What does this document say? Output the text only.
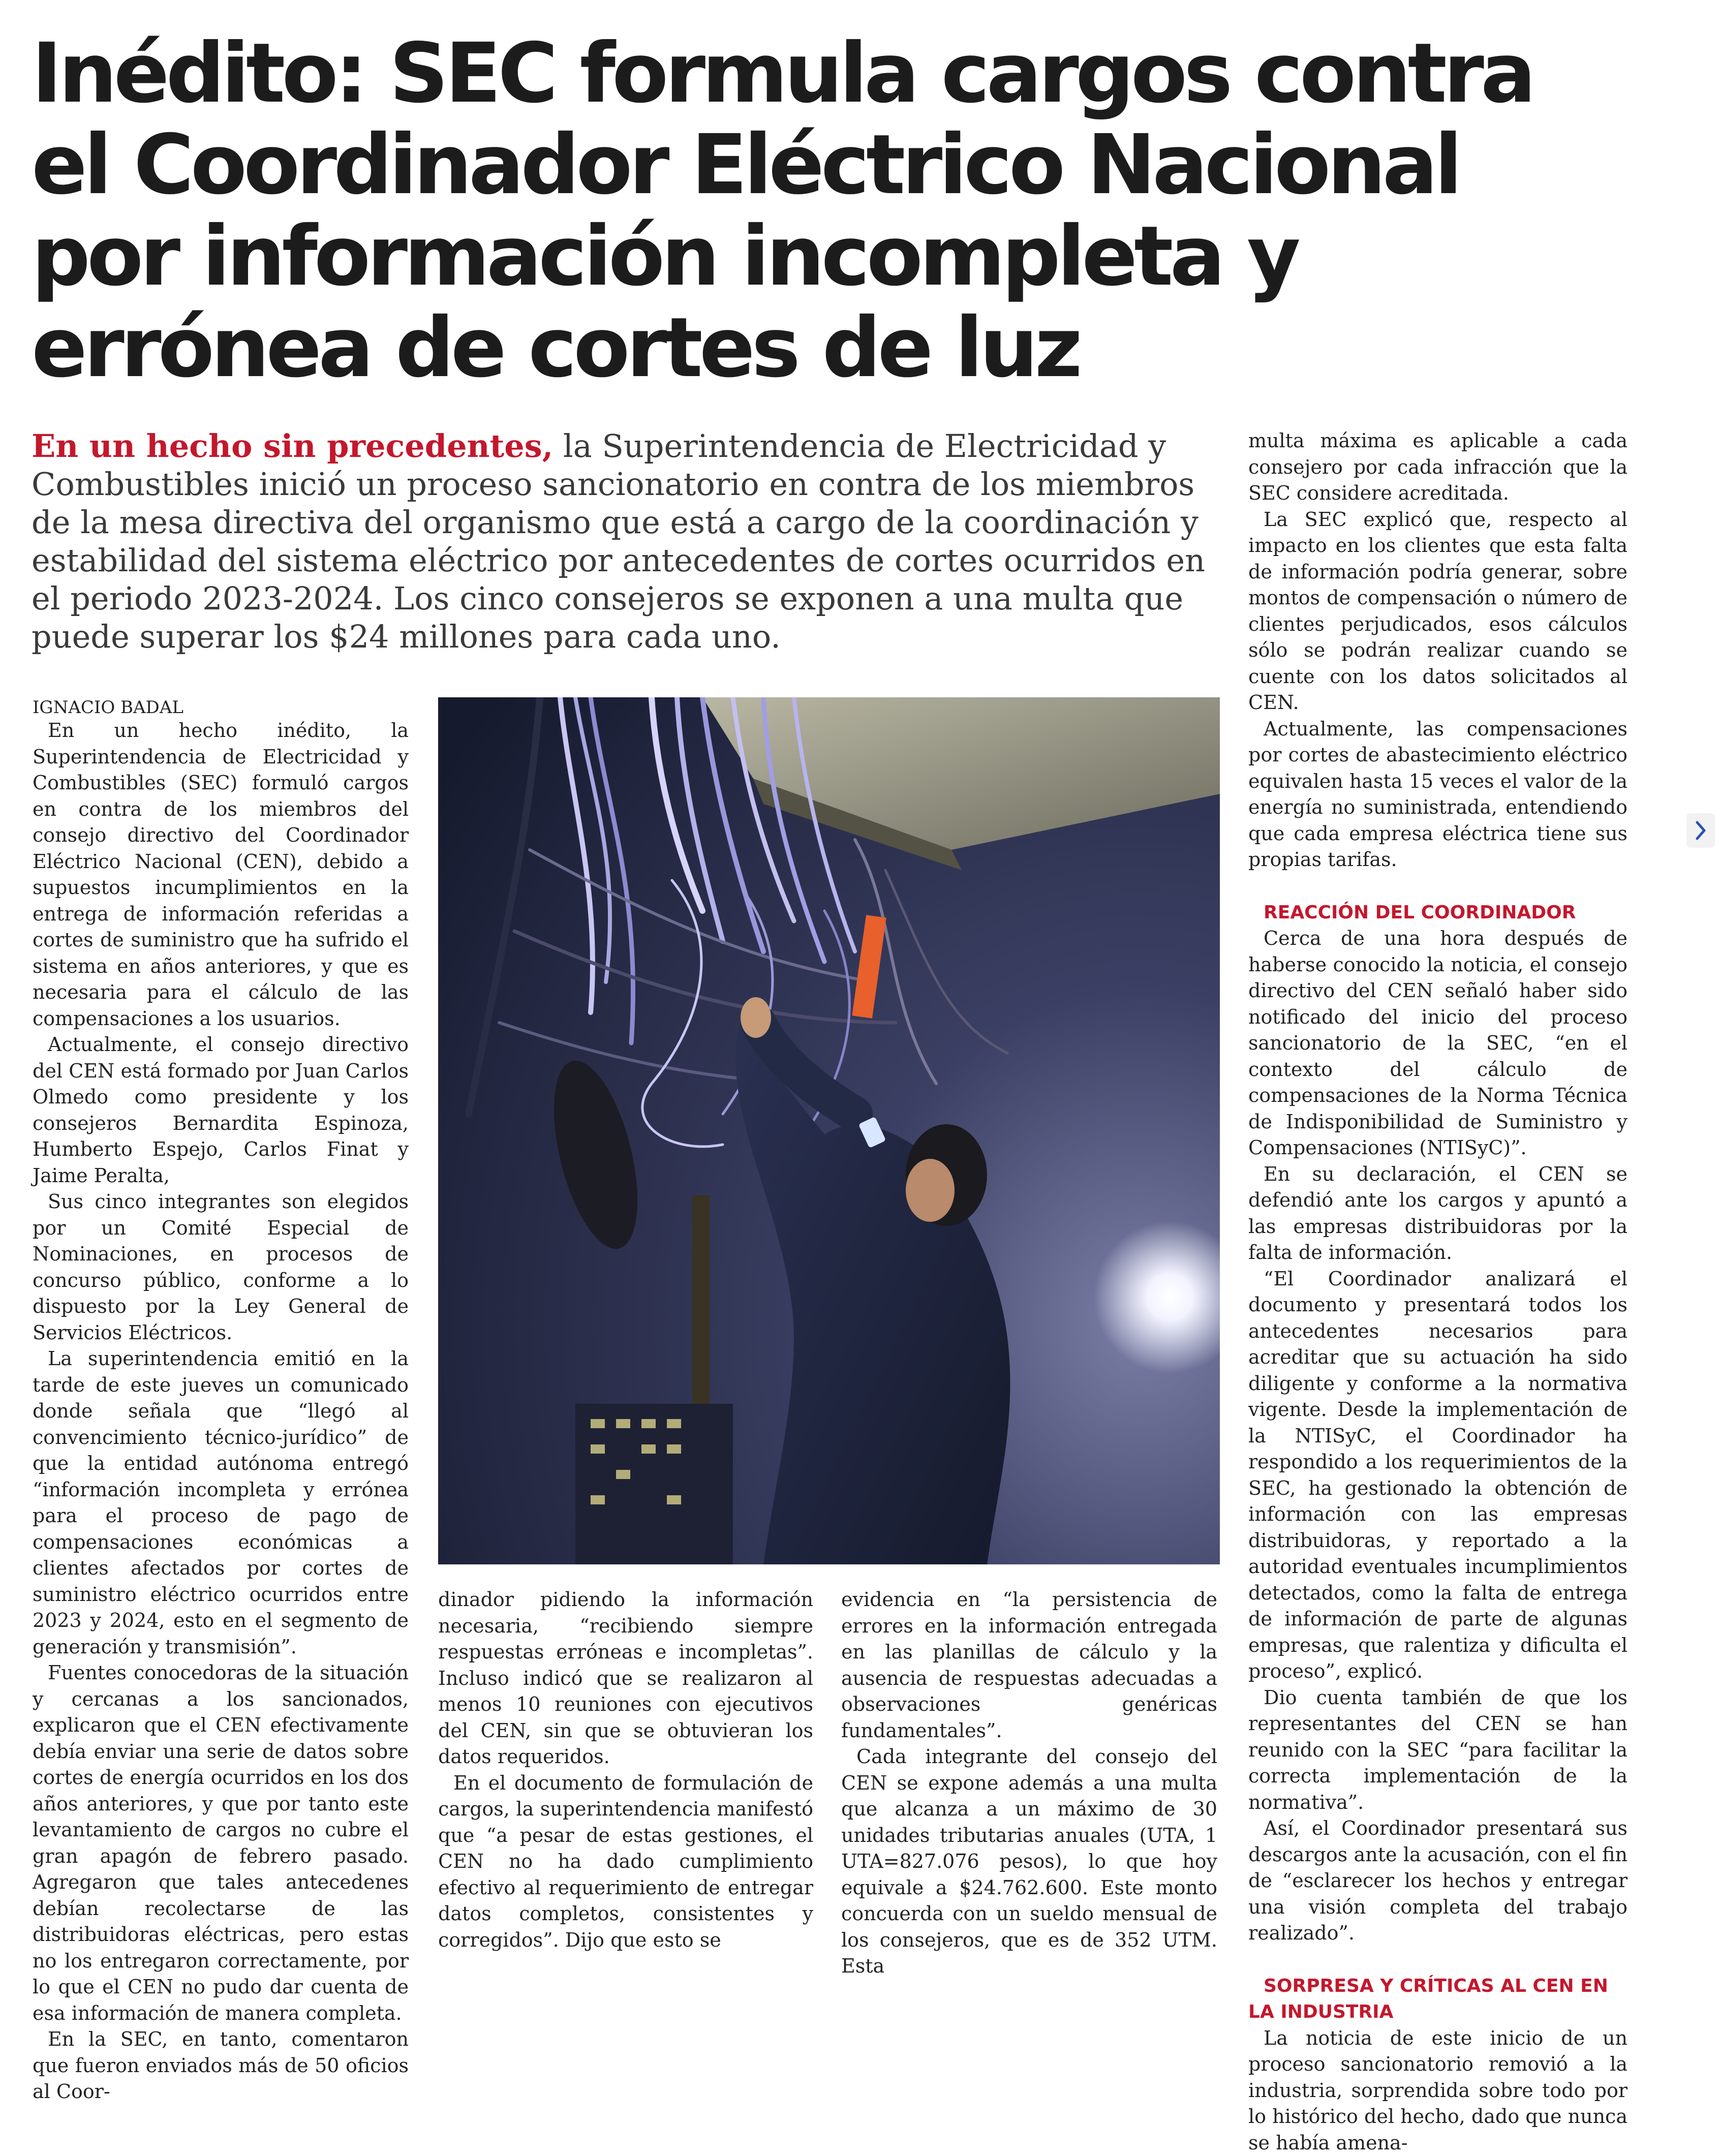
Inédito: SEC formula cargos contra el Coordinador Eléctrico Nacional por información incompleta y errónea de cortes de luz
En un hecho sin precedentes, la Superintendencia de Electricidad y Combustibles inició un proceso sancionatorio en contra de los miembros de la mesa directiva del organismo que está a cargo de la coordinación y estabilidad del sistema eléctrico por antecedentes de cortes ocurridos en el periodo 2023-2024. Los cinco consejeros se exponen a una multa que puede superar los $24 millones para cada uno.
IGNACIO BADAL

En un hecho inédito, la Superintendencia de Electricidad y Combustibles (SEC) formuló cargos en contra de los miembros del consejo directivo del Coordinador Eléctrico Nacional (CEN), debido a supuestos incumplimientos en la entrega de información referidas a cortes de suministro que ha sufrido el sistema en años anteriores, y que es necesaria para el cálculo de las compensaciones a los usuarios.

Actualmente, el consejo directivo del CEN está formado por Juan Carlos Olmedo como presidente y los consejeros Bernardita Espinoza, Humberto Espejo, Carlos Finat y Jaime Peralta,

Sus cinco integrantes son elegidos por un Comité Especial de Nominaciones, en procesos de concurso público, conforme a lo dispuesto por la Ley General de Servicios Eléctricos.

La superintendencia emitió en la tarde de este jueves un comunicado donde señala que “llegó al convencimiento técnico-jurídico” de que la entidad autónoma entregó “información incompleta y errónea para el proceso de pago de compensaciones económicas a clientes afectados por cortes de suministro eléctrico ocurridos entre 2023 y 2024, esto en el segmento de generación y transmisión”.

Fuentes conocedoras de la situación y cercanas a los sancionados, explicaron que el CEN efectivamente debía enviar una serie de datos sobre cortes de energía ocurridos en los dos años anteriores, y que por tanto este levantamiento de cargos no cubre el gran apagón de febrero pasado. Agregaron que tales antecedenes debían recolectarse de las distribuidoras eléctricas, pero estas no los entregaron correctamente, por lo que el CEN no pudo dar cuenta de esa información de manera completa.

En la SEC, en tanto, comentaron que fueron enviados más de 50 oficios al Coor-

dinador pidiendo la información necesaria, “recibiendo siempre respuestas erróneas e incompletas”. Incluso indicó que se realizaron al menos 10 reuniones con ejecutivos del CEN, sin que se obtuvieran los datos requeridos.

En el documento de formulación de cargos, la superintendencia manifestó que “a pesar de estas gestiones, el CEN no ha dado cumplimiento efectivo al requerimiento de entregar datos completos, consistentes y corregidos”. Dijo que esto se

evidencia en “la persistencia de errores en la información entregada en las planillas de cálculo y la ausencia de respuestas adecuadas a observaciones genéricas fundamentales”.

Cada integrante del consejo del CEN se expone además a una multa que alcanza a un máximo de 30 unidades tributarias anuales (UTA, 1 UTA=827.076 pesos), lo que hoy equivale a $24.762.600. Este monto concuerda con un sueldo mensual de los consejeros, que es de 352 UTM. Esta

multa máxima es aplicable a cada consejero por cada infracción que la SEC considere acreditada.

La SEC explicó que, respecto al impacto en los clientes que esta falta de información podría generar, sobre montos de compensación o número de clientes perjudicados, esos cálculos sólo se podrán realizar cuando se cuente con los datos solicitados al CEN.

Actualmente, las compensaciones por cortes de abastecimiento eléctrico equivalen hasta 15 veces el valor de la energía no suministrada, entendiendo que cada empresa eléctrica tiene sus propias tarifas.

REACCIÓN DEL COORDINADOR

Cerca de una hora después de haberse conocido la noticia, el consejo directivo del CEN señaló haber sido notificado del inicio del proceso sancionatorio de la SEC, “en el contexto del cálculo de compensaciones de la Norma Técnica de Indisponibilidad de Suministro y Compensaciones (NTISyC)”.

En su declaración, el CEN se defendió ante los cargos y apuntó a las empresas distribuidoras por la falta de información.

“El Coordinador analizará el documento y presentará todos los antecedentes necesarios para acreditar que su actuación ha sido diligente y conforme a la normativa vigente. Desde la implementación de la NTISyC, el Coordinador ha respondido a los requerimientos de la SEC, ha gestionado la obtención de información con las empresas distribuidoras, y reportado a la autoridad eventuales incumplimientos detectados, como la falta de entrega de información de parte de algunas empresas, que ralentiza y dificulta el proceso”, explicó.

Dio cuenta también de que los representantes del CEN se han reunido con la SEC “para facilitar la correcta implementación de la normativa”.

Así, el Coordinador presentará sus descargos ante la acusación, con el fin de “esclarecer los hechos y entregar una visión completa del trabajo realizado”.

SORPRESA Y CRÍTICAS AL CEN EN LA INDUSTRIA

La noticia de este inicio de un proceso sancionatorio removió a la industria, sorprendida sobre todo por lo histórico del hecho, dado que nunca se había amena-
